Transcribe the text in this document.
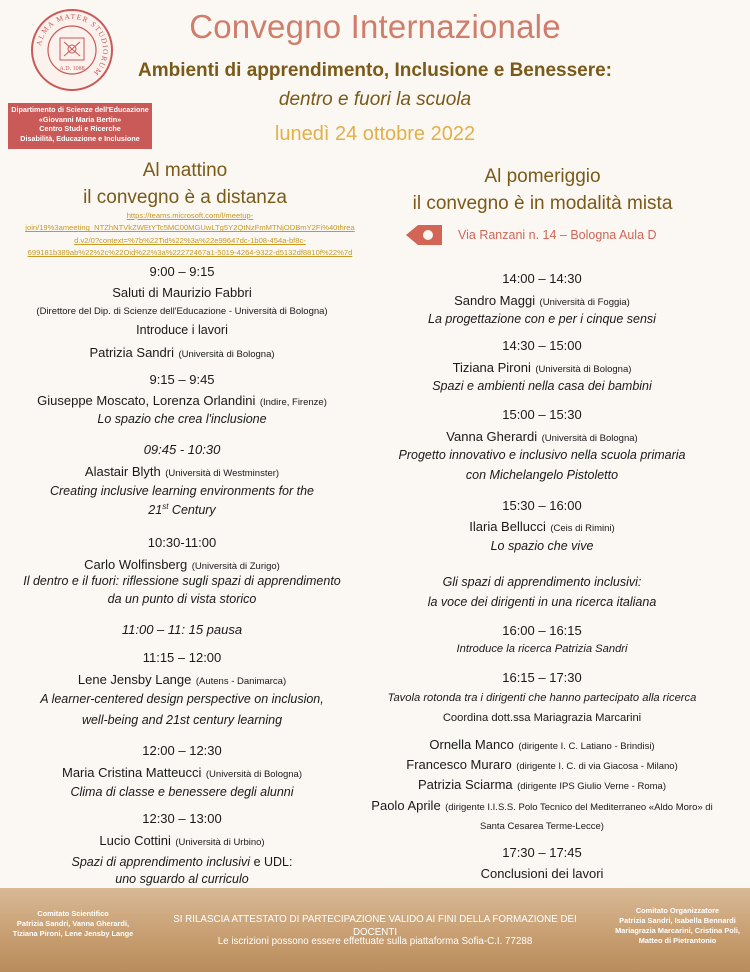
ALMA MATER STUDIORUM
A.D. 1088
Dipartimento di Scienze dell'Educazione
«Giovanni Maria Bertin»
Centro Studi e Ricerche
Disabilità, Educazione e Inclusione
Convegno Internazionale
Ambienti di apprendimento, Inclusione e Benessere:
dentro e fuori la scuola
lunedì 24 ottobre 2022
Al mattino
il convegno è a distanza
Al pomeriggio
il convegno è in modalità mista
https://teams.microsoft.com/l/meetup-
join/19%3ameeting_NTZhNTVkZWEtYTc5MC00MGUwLTg5Y2QtNzFmMTNjODBmY2Fi%40threa
d.v2/0?context=%7b%22Tid%22%3a%22e99647dc-1b08-454a-bf8c-
699181b389ab%22%2c%22Oid%22%3a%22272467a1-5019-4264-9322-d5132df8810f%22%7d
Via Ranzani n. 14 – Bologna Aula D
9:00 – 9:15
Saluti di Maurizio Fabbri
(Direttore del Dip. di Scienze dell'Educazione - Università di Bologna)
Introduce i lavori
Patrizia Sandri (Università di Bologna)
9:15 – 9:45
Giuseppe Moscato, Lorenza Orlandini (Indire, Firenze)
Lo spazio che crea l'inclusione
09:45 - 10:30
Alastair Blyth (Università di Westminster)
Creating inclusive learning environments for the
21st Century
10:30-11:00
Carlo Wolfinsberg (Università di Zurigo)
Il dentro e il fuori: riflessione sugli spazi di apprendimento
da un punto di vista storico
11:00 – 11: 15 pausa
11:15 – 12:00
Lene Jensby Lange (Autens - Danimarca)
A learner-centered design perspective on inclusion,
well-being and 21st century learning
12:00 – 12:30
Maria Cristina Matteucci (Università di Bologna)
Clima di classe e benessere degli alunni
12:30 – 13:00
Lucio Cottini (Università di Urbino)
Spazi di apprendimento inclusivi e UDL:
uno sguardo al curriculo
14:00 – 14:30
Sandro Maggi (Università di Foggia)
La progettazione con e per i cinque sensi
14:30 – 15:00
Tiziana Pironi (Università di Bologna)
Spazi e ambienti nella casa dei bambini
15:00 – 15:30
Vanna Gherardi (Università di Bologna)
Progetto innovativo e inclusivo nella scuola primaria
con Michelangelo Pistoletto
15:30 – 16:00
Ilaria Bellucci (Ceis di Rimini)
Lo spazio che vive
Gli spazi di apprendimento inclusivi:
la voce dei dirigenti in una ricerca italiana
16:00 – 16:15
Introduce la ricerca Patrizia Sandri
16:15 – 17:30
Tavola rotonda tra i dirigenti che hanno partecipato alla ricerca
Coordina dott.ssa Mariagrazia Marcarini
Ornella Manco (dirigente I. C. Latiano - Brindisi)
Francesco Muraro (dirigente I. C. di via Giacosa - Milano)
Patrizia Sciarma (dirigente IPS Giulio Verne - Roma)
Paolo Aprile (dirigente I.I.S.S. Polo Tecnico del Mediterraneo «Aldo Moro» di
Santa Cesarea Terme-Lecce)
17:30 – 17:45
Conclusioni dei lavori
Comitato Scientifico
Patrizia Sandri, Vanna Gherardi,
Tiziana Pironi, Lene Jensby Lange
SI RILASCIA ATTESTATO DI PARTECIPAZIONE VALIDO AI FINI DELLA FORMAZIONE DEI DOCENTI
Le iscrizioni possono essere effettuate sulla piattaforma Sofia-C.I. 77288
Comitato Organizzatore
Patrizia Sandri, Isabella Bennardi
Mariagrazia Marcarini, Cristina Poli,
Matteo di Pietrantonio
